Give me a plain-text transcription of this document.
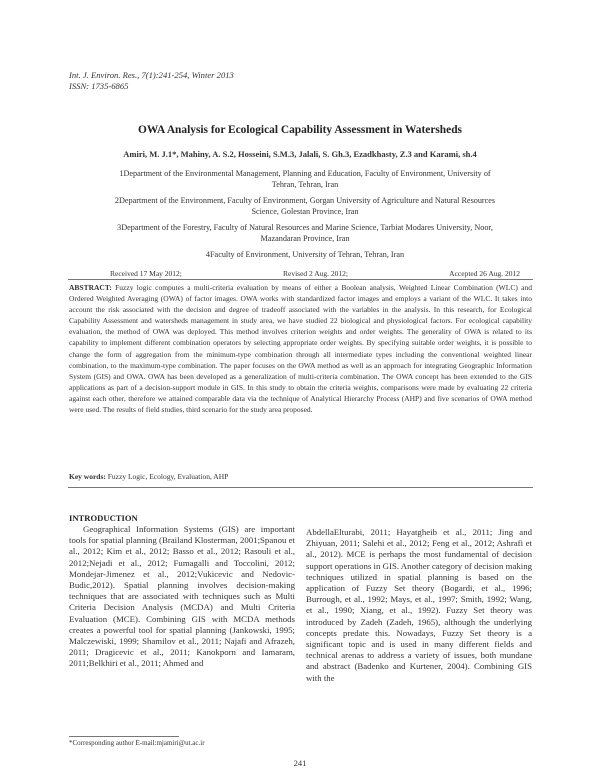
Int. J. Environ. Res., 7(1):241-254, Winter 2013
ISSN: 1735-6865
OWA Analysis for Ecological Capability Assessment in Watersheds
Amiri, M. J.1*, Mahiny, A. S.2, Hosseini, S.M.3, Jalali, S. Gh.3, Ezadkhasty, Z.3 and Karami, sh.4
1Department of the Environmental Management, Planning and Education, Faculty of Environment, University of Tehran, Tehran, Iran
2Department of the Environment, Faculty of Environment, Gorgan University of Agriculture and Natural Resources Science, Golestan Province, Iran
3Department of the Forestry, Faculty of Natural Resources and Marine Science, Tarbiat Modares University, Noor, Mazandaran Province, Iran
4Faculty of Environment, University of Tehran, Tehran, Iran
Received 17 May 2012;	Revised 2 Aug. 2012;	Accepted 26 Aug. 2012
ABSTRACT: Fuzzy logic computes a multi-criteria evaluation by means of either a Boolean analysis, Weighted Linear Combination (WLC) and Ordered Weighted Averaging (OWA) of factor images. OWA works with standardized factor images and employs a variant of the WLC. It takes into account the risk associated with the decision and degree of tradeoff associated with the variables in the analysis. In this research, for Ecological Capability Assessment and watersheds management in study area, we have studied 22 biological and physiological factors. For ecological capability evaluation, the method of OWA was deployed. This method involves criterion weights and order weights. The generality of OWA is related to its capability to implement different combination operators by selecting appropriate order weights. By specifying suitable order weights, it is possible to change the form of aggregation from the minimum-type combination through all intermediate types including the conventional weighted linear combination, to the maximum-type combination. The paper focuses on the OWA method as well as an approach for integrating Geographic Information System (GIS) and OWA. OWA has been developed as a generalization of multi-criteria combination. The OWA concept has been extended to the GIS applications as part of a decision-support module in GIS. In this study to obtain the criteria weights, comparisons were made by evaluating 22 criteria against each other, therefore we attained comparable data via the technique of Analytical Hierarchy Process (AHP) and five scenarios of OWA method were used. The results of field studies, third scenario for the study area proposed.
Key words: Fuzzy Logic, Ecology, Evaluation, AHP
INTRODUCTION

Geographical Information Systems (GIS) are important tools for spatial planning (Brailand Klosterman, 2001;Spanou et al., 2012; Kim et al., 2012; Basso et al., 2012; Rasouli et al., 2012;Nejadi et al., 2012; Fumagalli and Toccolini, 2012; Mondejar-Jimenez et al., 2012;Vukicevic and Nedovic-Budic,2012). Spatial planning involves decision-making techniques that are associated with techniques such as Multi Criteria Decision Analysis (MCDA) and Multi Criteria Evaluation (MCE). Combining GIS with MCDA methods creates a powerful tool for spatial planning (Jankowski, 1995; Malczewiski, 1999; Shamilov et al., 2011; Najafi and Afrazeh, 2011; Dragicevic et al., 2011; Kanokporn and Iamaram, 2011;Belkhiri et al., 2011; Ahmed and

AbdellaElturabi, 2011; Hayatgheib et al., 2011; Jing and Zhiyuan, 2011; Salehi et al., 2012; Feng et al., 2012; Ashrafi et al., 2012). MCE is perhaps the most fundamental of decision support operations in GIS. Another category of decision making techniques utilized in spatial planning is based on the application of Fuzzy Set theory (Bogardi, et al., 1996; Burrough, et al., 1992; Mays, et al., 1997; Smith, 1992; Wang, et al., 1990; Xiang, et al., 1992). Fuzzy Set theory was introduced by Zadeh (Zadeh, 1965), although the underlying concepts predate this. Nowadays, Fuzzy Set theory is a significant topic and is used in many different fields and technical arenas to address a variety of issues, both mundane and abstract (Badenko and Kurtener, 2004). Combining GIS with the

*Corresponding author E-mail:mjamiri@ut.ac.ir
241
